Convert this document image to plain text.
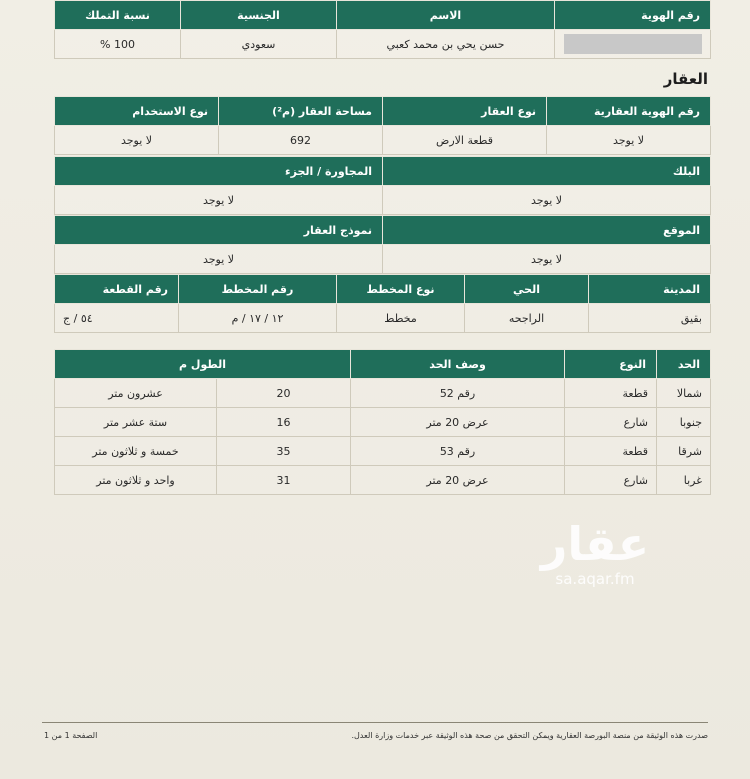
رقم الهوية	الاسم	الجنسية	نسبة التملك
	حسن يحي بن محمد كعبي	سعودي	100 %
العقار
رقم الهوية العقارية	نوع العقار	مساحة العقار (م²)	نوع الاستخدام
لا يوجد	قطعة الارض	692	لا يوجد
البلك	المجاورة / الجزء
لا يوجد	لا يوجد
الموقع	نموذج العقار
لا يوجد	لا يوجد
المدينة	الحي	نوع المخطط	رقم المخطط	رقم القطعة
بقيق	الراجحه	مخطط	١٢ / ١٧ / م	٥٤ / ج
الحد	النوع	وصف الحد	الطول م	
شمالا	قطعة	رقم 52	20	عشرون متر
جنوبا	شارع	عرض 20 متر	16	ستة عشر متر
شرقا	قطعة	رقم 53	35	خمسة و ثلاثون متر
غربا	شارع	عرض 20 متر	31	واحد و ثلاثون متر
عقار
sa.aqar.fm
صدرت هذه الوثيقة من منصة البورصة العقارية ويمكن التحقق من صحة هذه الوثيقة عبر خدمات وزارة العدل.
الصفحة 1 من 1
